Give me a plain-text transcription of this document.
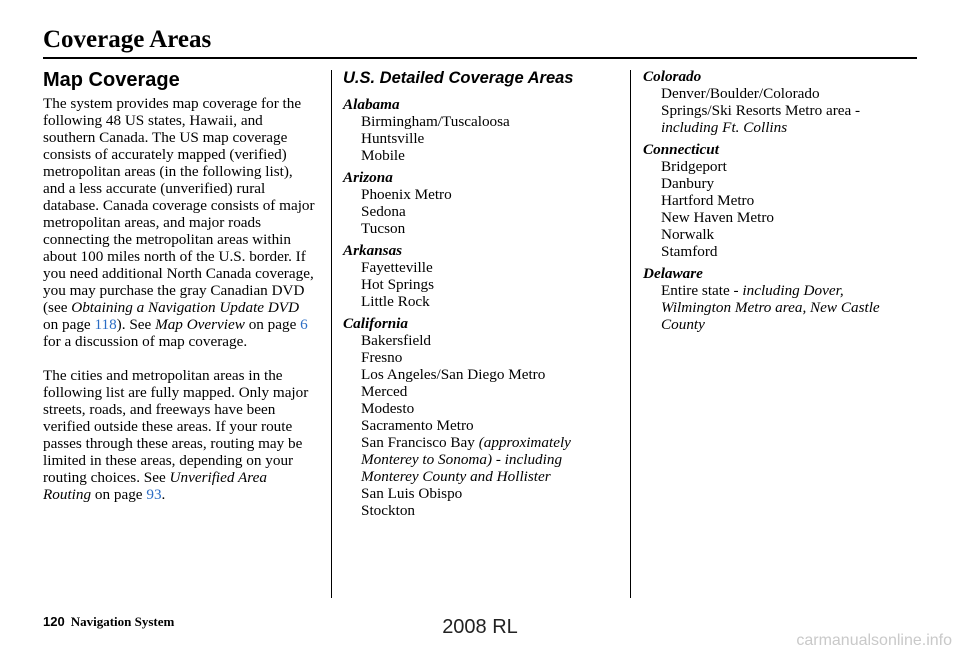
Coverage Areas
Map Coverage

The system provides map coverage for the following 48 US states, Hawaii, and southern Canada. The US map coverage consists of accurately mapped (verified) metropolitan areas (in the following list), and a less accurate (unverified) rural database. Canada coverage consists of major metropolitan areas, and major roads connecting the metropolitan areas within about 100 miles north of the U.S. border. If you need additional North Canada coverage, you may purchase the gray Canadian DVD (see Obtaining a Navigation Update DVD on page 118). See Map Overview on page 6 for a discussion of map coverage.

The cities and metropolitan areas in the following list are fully mapped. Only major streets, roads, and freeways have been verified outside these areas. If your route passes through these areas, routing may be limited in these areas, depending on your routing choices. See Unverified Area Routing on page 93.

U.S. Detailed Coverage Areas
Alabama
Birmingham/Tuscaloosa
Huntsville
Mobile
Arizona
Phoenix Metro
Sedona
Tucson
Arkansas
Fayetteville
Hot Springs
Little Rock
California
Bakersfield
Fresno
Los Angeles/San Diego Metro
Merced
Modesto
Sacramento Metro
San Francisco Bay (approximately
Monterey to Sonoma) - including
Monterey County and Hollister
San Luis Obispo
Stockton
Colorado
Denver/Boulder/Colorado
Springs/Ski Resorts Metro area -
including Ft. Collins
Connecticut
Bridgeport
Danbury
Hartford Metro
New Haven Metro
Norwalk
Stamford
Delaware
Entire state - including Dover,
Wilmington Metro area, New Castle
County
120 Navigation System	2008 RL
carmanualsonline.info
